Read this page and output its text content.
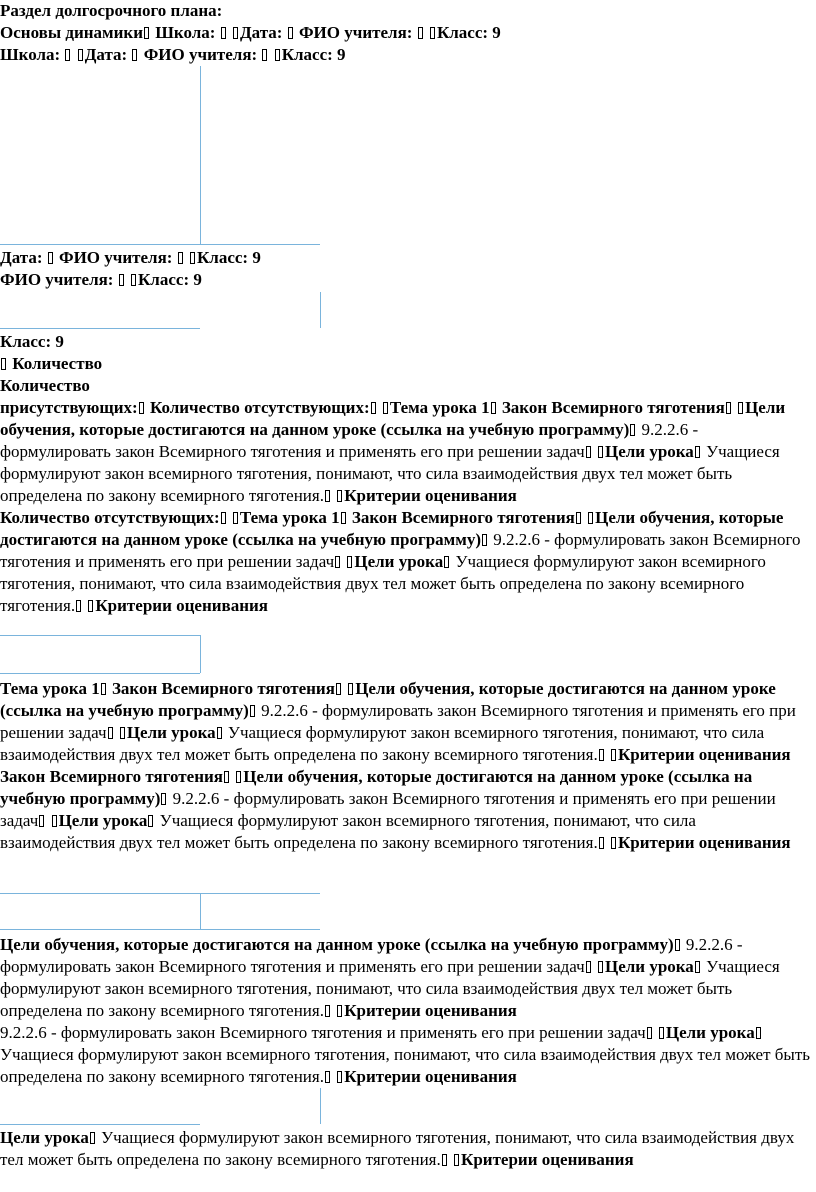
Раздел долгосрочного плана:
Основы динамики Школа: Дата: ФИО учителя: Класс: 9
Школа: Дата: ФИО учителя: Класс: 9
Дата: ФИО учителя: Класс: 9
ФИО учителя: Класс: 9
Класс: 9
Количество
Количество
присутствующих: Количество отсутствующих: Тема урока 1 Закон Всемирного тяготения Цели обучения, которые достигаются на данном уроке (ссылка на учебную программу) 9.2.2.6 - формулировать закон Всемирного тяготения и применять его при решении задач Цели урока Учащиеся формулируют закон всемирного тяготения, понимают, что сила взаимодействия двух тел может быть определена по закону всемирного тяготения. Критерии оценивания
Количество отсутствующих: Тема урока 1 Закон Всемирного тяготения Цели обучения, которые достигаются на данном уроке (ссылка на учебную программу) 9.2.2.6 - формулировать закон Всемирного тяготения и применять его при решении задач Цели урока Учащиеся формулируют закон всемирного тяготения, понимают, что сила взаимодействия двух тел может быть определена по закону всемирного тяготения. Критерии оценивания
Тема урока 1 Закон Всемирного тяготения Цели обучения, которые достигаются на данном уроке (ссылка на учебную программу) 9.2.2.6 - формулировать закон Всемирного тяготения и применять его при решении задач Цели урока Учащиеся формулируют закон всемирного тяготения, понимают, что сила взаимодействия двух тел может быть определена по закону всемирного тяготения. Критерии оценивания
Закон Всемирного тяготения Цели обучения, которые достигаются на данном уроке (ссылка на учебную программу) 9.2.2.6 - формулировать закон Всемирного тяготения и применять его при решении задач Цели урока Учащиеся формулируют закон всемирного тяготения, понимают, что сила взаимодействия двух тел может быть определена по закону всемирного тяготения. Критерии оценивания
Цели обучения, которые достигаются на данном уроке (ссылка на учебную программу) 9.2.2.6 - формулировать закон Всемирного тяготения и применять его при решении задач Цели урока Учащиеся формулируют закон всемирного тяготения, понимают, что сила взаимодействия двух тел может быть определена по закону всемирного тяготения. Критерии оценивания
9.2.2.6 - формулировать закон Всемирного тяготения и применять его при решении задач Цели урока Учащиеся формулируют закон всемирного тяготения, понимают, что сила взаимодействия двух тел может быть определена по закону всемирного тяготения. Критерии оценивания
Цели урока Учащиеся формулируют закон всемирного тяготения, понимают, что сила взаимодействия двух тел может быть определена по закону всемирного тяготения. Критерии оценивания
